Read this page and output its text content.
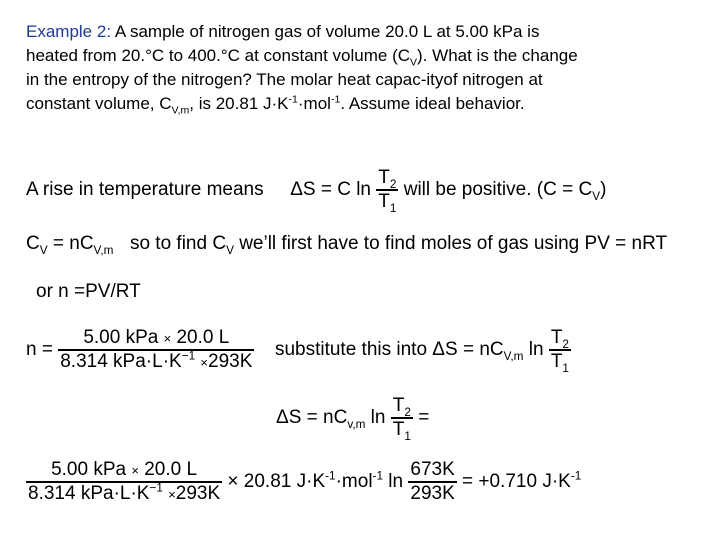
Example 2: A sample of nitrogen gas of volume 20.0 L at 5.00 kPa is
heated from 20.°C to 400.°C at constant volume $(C_V)$. What is the change
in the entropy of the nitrogen? The molar heat capac-ityof nitrogen at
constant volume, $C_{V,m}$, is 20.81 $J\cdot K^{-1}\cdot mol^{-1}$. Assume ideal behavior.
A rise in temperature means ΔS = C $\ln \frac{T_2}{T_1}$ will be positive. $(C = C_V)$
$C_V = nC_{V,m}$ so to find $C_V$ we’ll first have to find moles of gas using PV = nRT
or n =PV/RT
$n = \frac{\text{5.00 kPa × 20.0 L}}{8.314 kPa\cdot L\cdot K^{-1} \times 293K}$ substitute this into $\Delta S = nC_{V,m}$ $\ln \frac{T_2}{T_1}$
$\Delta S = nC_{v,m}$ $\ln \frac{T_2}{T_1}$ =
$\frac{\text{5.00 kPa × 20.0 L}}{8.314 kPa\cdot L\cdot K^{-1} \times 293K} \times 20.81$ $J\cdot K^{-1}\cdot mol^{-1}$ $\ln \frac{673K}{293K} = +0.710$ $J\cdot K^{-1}$
